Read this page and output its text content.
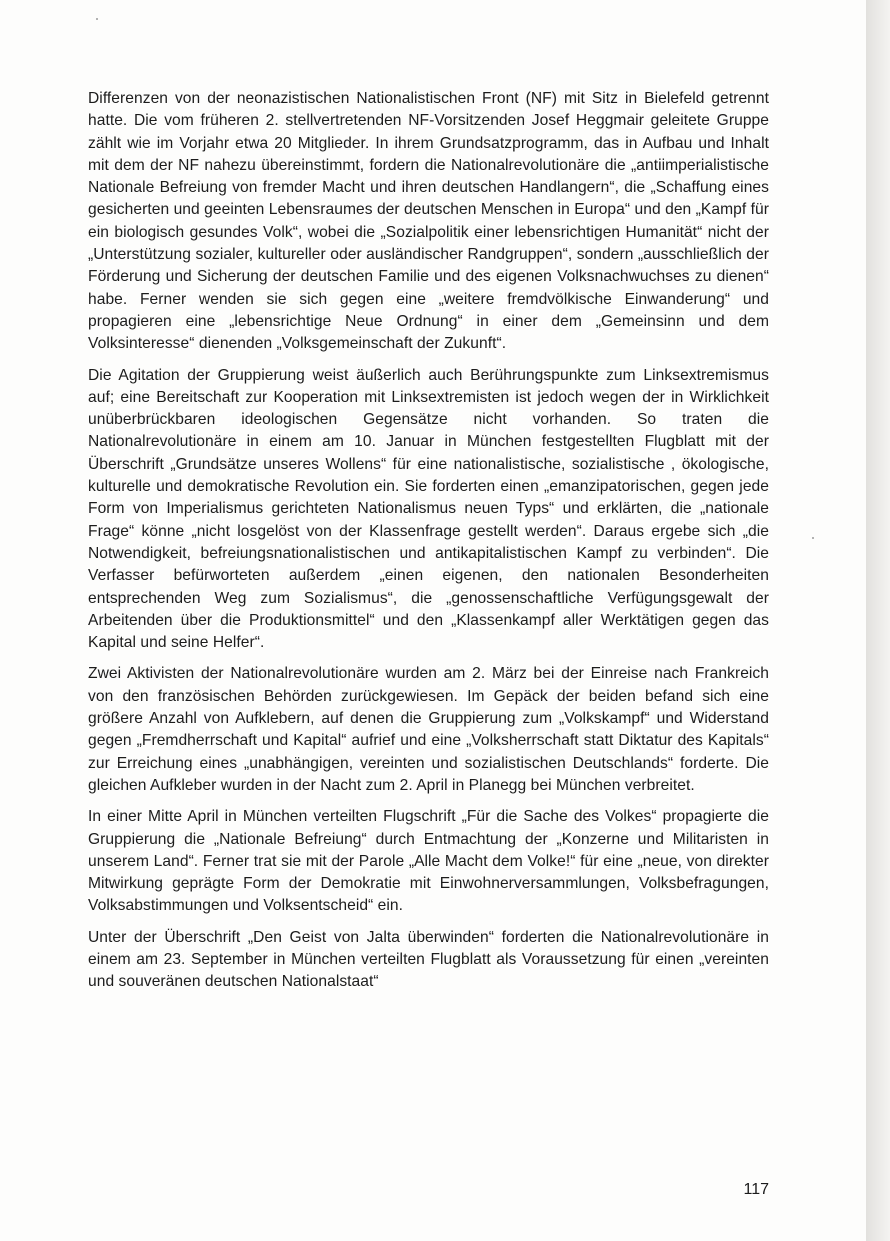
Differenzen von der neonazistischen Nationalistischen Front (NF) mit Sitz in Bielefeld getrennt hatte. Die vom früheren 2. stellvertretenden NF-Vorsitzenden Josef Heggmair geleitete Gruppe zählt wie im Vorjahr etwa 20 Mitglieder. In ihrem Grundsatzprogramm, das in Aufbau und Inhalt mit dem der NF nahezu übereinstimmt, fordern die Nationalrevolutionäre die „antiimperialistische Nationale Befreiung von fremder Macht und ihren deutschen Handlangern“, die „Schaffung eines gesicherten und geeinten Lebensraumes der deutschen Menschen in Europa“ und den „Kampf für ein biologisch gesundes Volk“, wobei die „Sozialpolitik einer lebensrichtigen Humanität“ nicht der „Unterstützung sozialer, kultureller oder ausländischer Randgruppen“, sondern „ausschließlich der Förderung und Sicherung der deutschen Familie und des eigenen Volksnachwuchses zu dienen“ habe. Ferner wenden sie sich gegen eine „weitere fremdvölkische Einwanderung“ und propagieren eine „lebensrichtige Neue Ordnung“ in einer dem „Gemeinsinn und dem Volksinteresse“ dienenden „Volksgemeinschaft der Zukunft“.

Die Agitation der Gruppierung weist äußerlich auch Berührungspunkte zum Linksextremismus auf; eine Bereitschaft zur Kooperation mit Linksextremisten ist jedoch wegen der in Wirklichkeit unüberbrückbaren ideologischen Gegensätze nicht vorhanden. So traten die Nationalrevolutionäre in einem am 10. Januar in München festgestellten Flugblatt mit der Überschrift „Grundsätze unseres Wollens“ für eine nationalistische, sozialistische , ökologische, kulturelle und demokratische Revolution ein. Sie forderten einen „emanzipatorischen, gegen jede Form von Imperialismus gerichteten Nationalismus neuen Typs“ und erklärten, die „nationale Frage“ könne „nicht losgelöst von der Klassenfrage gestellt werden“. Daraus ergebe sich „die Notwendigkeit, befreiungsnationalistischen und antikapitalistischen Kampf zu verbinden“. Die Verfasser befürworteten außerdem „einen eigenen, den nationalen Besonderheiten entsprechenden Weg zum Sozialismus“, die „genossenschaftliche Verfügungsgewalt der Arbeitenden über die Produktionsmittel“ und den „Klassenkampf aller Werktätigen gegen das Kapital und seine Helfer“.

Zwei Aktivisten der Nationalrevolutionäre wurden am 2. März bei der Einreise nach Frankreich von den französischen Behörden zurückgewiesen. Im Gepäck der beiden befand sich eine größere Anzahl von Aufklebern, auf denen die Gruppierung zum „Volkskampf“ und Widerstand gegen „Fremdherrschaft und Kapital“ aufrief und eine „Volksherrschaft statt Diktatur des Kapitals“ zur Erreichung eines „unabhängigen, vereinten und sozialistischen Deutschlands“ forderte. Die gleichen Aufkleber wurden in der Nacht zum 2. April in Planegg bei München verbreitet.

In einer Mitte April in München verteilten Flugschrift „Für die Sache des Volkes“ propagierte die Gruppierung die „Nationale Befreiung“ durch Entmachtung der „Konzerne und Militaristen in unserem Land“. Ferner trat sie mit der Parole „Alle Macht dem Volke!“ für eine „neue, von direkter Mitwirkung geprägte Form der Demokratie mit Einwohnerversammlungen, Volksbefragungen, Volksabstimmungen und Volksentscheid“ ein.

Unter der Überschrift „Den Geist von Jalta überwinden“ forderten die Nationalrevolutionäre in einem am 23. September in München verteilten Flugblatt als Voraussetzung für einen „vereinten und souveränen deutschen Nationalstaat“

117
